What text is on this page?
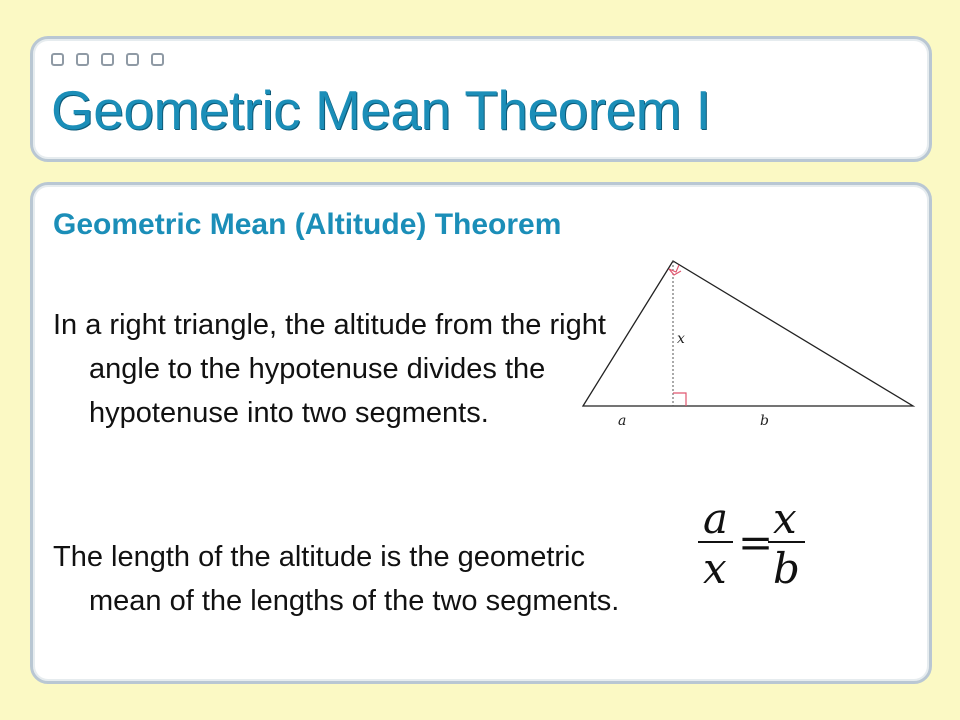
Geometric Mean Theorem I
Geometric Mean (Altitude) Theorem

In a right triangle, the altitude from the right angle to the hypotenuse divides the hypotenuse into two segments.

The length of the altitude is the geometric mean of the lengths of the two segments.

x
a	b
a
x
= x
b
